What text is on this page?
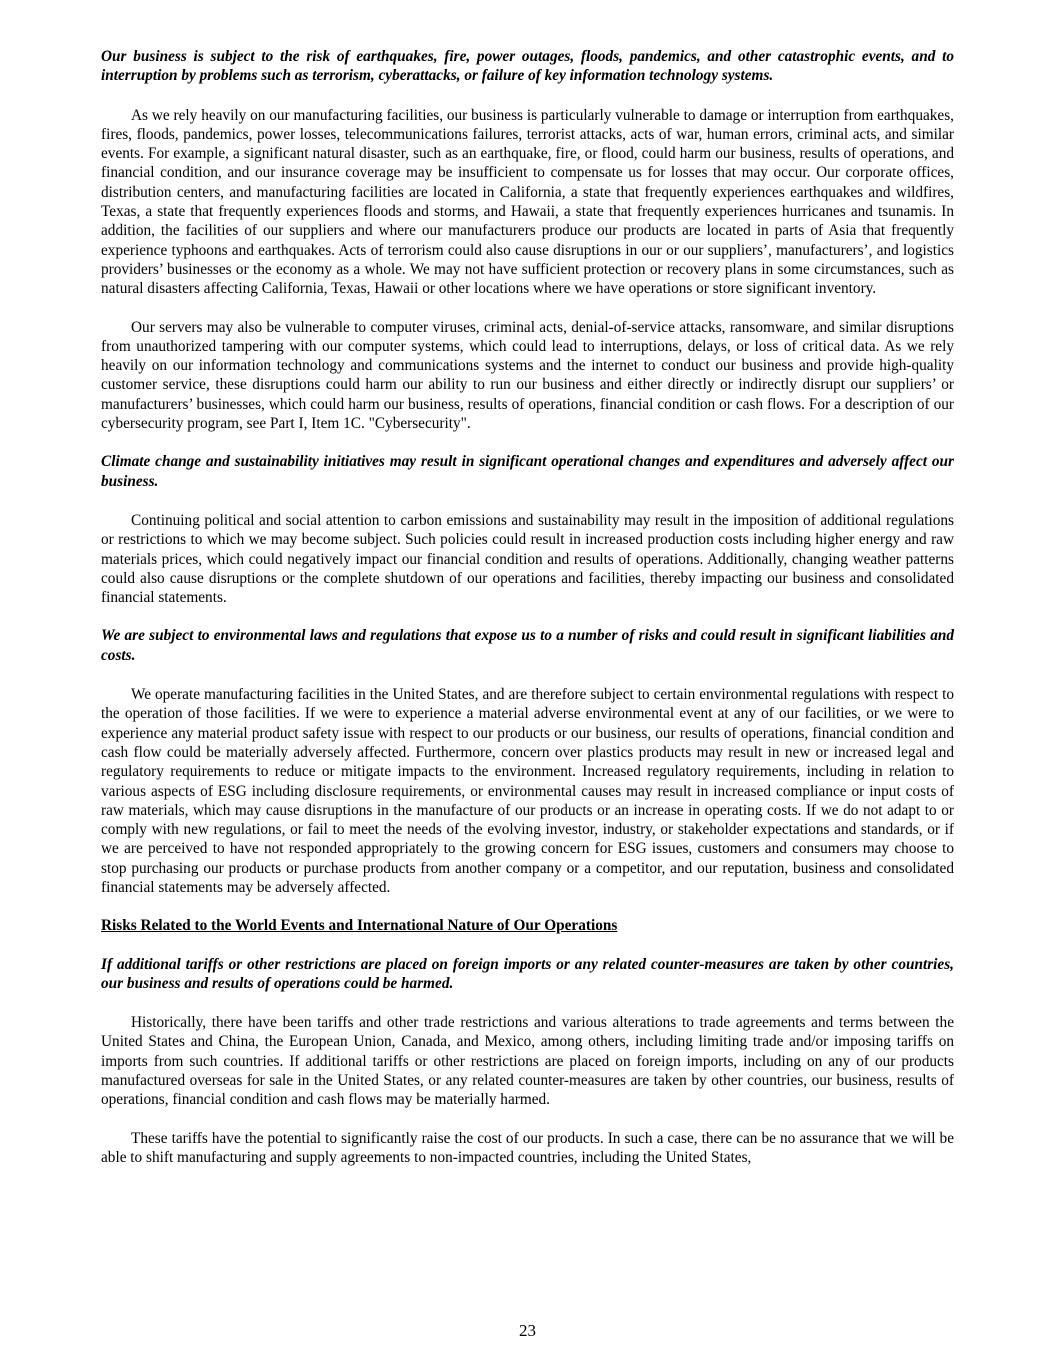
Our business is subject to the risk of earthquakes, fire, power outages, floods, pandemics, and other catastrophic events, and to interruption by problems such as terrorism, cyberattacks, or failure of key information technology systems.

As we rely heavily on our manufacturing facilities, our business is particularly vulnerable to damage or interruption from earthquakes, fires, floods, pandemics, power losses, telecommunications failures, terrorist attacks, acts of war, human errors, criminal acts, and similar events. For example, a significant natural disaster, such as an earthquake, fire, or flood, could harm our business, results of operations, and financial condition, and our insurance coverage may be insufficient to compensate us for losses that may occur. Our corporate offices, distribution centers, and manufacturing facilities are located in California, a state that frequently experiences earthquakes and wildfires, Texas, a state that frequently experiences floods and storms, and Hawaii, a state that frequently experiences hurricanes and tsunamis. In addition, the facilities of our suppliers and where our manufacturers produce our products are located in parts of Asia that frequently experience typhoons and earthquakes. Acts of terrorism could also cause disruptions in our or our suppliers’, manufacturers’, and logistics providers’ businesses or the economy as a whole. We may not have sufficient protection or recovery plans in some circumstances, such as natural disasters affecting California, Texas, Hawaii or other locations where we have operations or store significant inventory.

Our servers may also be vulnerable to computer viruses, criminal acts, denial-of-service attacks, ransomware, and similar disruptions from unauthorized tampering with our computer systems, which could lead to interruptions, delays, or loss of critical data. As we rely heavily on our information technology and communications systems and the internet to conduct our business and provide high-quality customer service, these disruptions could harm our ability to run our business and either directly or indirectly disrupt our suppliers’ or manufacturers’ businesses, which could harm our business, results of operations, financial condition or cash flows. For a description of our cybersecurity program, see Part I, Item 1C. "Cybersecurity".

Climate change and sustainability initiatives may result in significant operational changes and expenditures and adversely affect our business.

Continuing political and social attention to carbon emissions and sustainability may result in the imposition of additional regulations or restrictions to which we may become subject. Such policies could result in increased production costs including higher energy and raw materials prices, which could negatively impact our financial condition and results of operations. Additionally, changing weather patterns could also cause disruptions or the complete shutdown of our operations and facilities, thereby impacting our business and consolidated financial statements.

We are subject to environmental laws and regulations that expose us to a number of risks and could result in significant liabilities and costs.

We operate manufacturing facilities in the United States, and are therefore subject to certain environmental regulations with respect to the operation of those facilities. If we were to experience a material adverse environmental event at any of our facilities, or we were to experience any material product safety issue with respect to our products or our business, our results of operations, financial condition and cash flow could be materially adversely affected. Furthermore, concern over plastics products may result in new or increased legal and regulatory requirements to reduce or mitigate impacts to the environment. Increased regulatory requirements, including in relation to various aspects of ESG including disclosure requirements, or environmental causes may result in increased compliance or input costs of raw materials, which may cause disruptions in the manufacture of our products or an increase in operating costs. If we do not adapt to or comply with new regulations, or fail to meet the needs of the evolving investor, industry, or stakeholder expectations and standards, or if we are perceived to have not responded appropriately to the growing concern for ESG issues, customers and consumers may choose to stop purchasing our products or purchase products from another company or a competitor, and our reputation, business and consolidated financial statements may be adversely affected.

Risks Related to the World Events and International Nature of Our Operations

If additional tariffs or other restrictions are placed on foreign imports or any related counter-measures are taken by other countries, our business and results of operations could be harmed.

Historically, there have been tariffs and other trade restrictions and various alterations to trade agreements and terms between the United States and China, the European Union, Canada, and Mexico, among others, including limiting trade and/or imposing tariffs on imports from such countries. If additional tariffs or other restrictions are placed on foreign imports, including on any of our products manufactured overseas for sale in the United States, or any related counter-measures are taken by other countries, our business, results of operations, financial condition and cash flows may be materially harmed.

These tariffs have the potential to significantly raise the cost of our products. In such a case, there can be no assurance that we will be able to shift manufacturing and supply agreements to non-impacted countries, including the United States,

23
